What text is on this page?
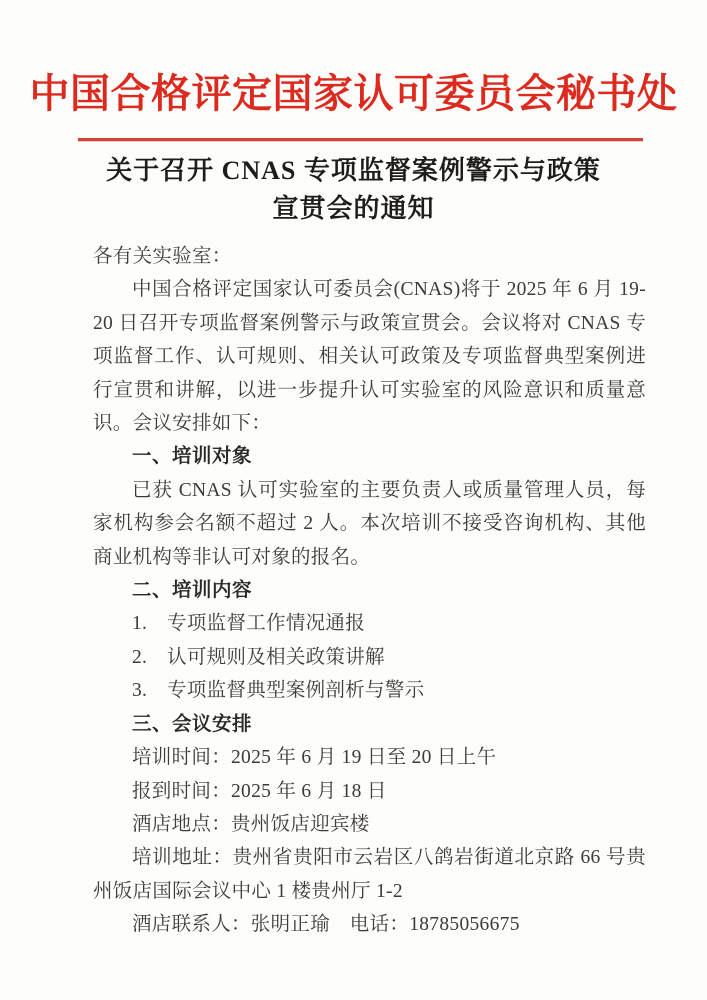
中国合格评定国家认可委员会秘书处
关于召开 CNAS 专项监督案例警示与政策
宣贯会的通知

各有关实验室：

中国合格评定国家认可委员会(CNAS)将于 2025 年 6 月 19-20 日召开专项监督案例警示与政策宣贯会。会议将对 CNAS 专项监督工作、认可规则、相关认可政策及专项监督典型案例进行宣贯和讲解，以进一步提升认可实验室的风险意识和质量意识。会议安排如下：

一、培训对象

已获 CNAS 认可实验室的主要负责人或质量管理人员，每家机构参会名额不超过 2 人。本次培训不接受咨询机构、其他商业机构等非认可对象的报名。

二、培训内容

1.　专项监督工作情况通报

2.　认可规则及相关政策讲解

3.　专项监督典型案例剖析与警示

三、会议安排

培训时间：2025 年 6 月 19 日至 20 日上午

报到时间：2025 年 6 月 18 日

酒店地点：贵州饭店迎宾楼

培训地址：贵州省贵阳市云岩区八鸽岩街道北京路 66 号贵州饭店国际会议中心 1 楼贵州厅 1-2

酒店联系人：张明正瑜　电话：18785056675
